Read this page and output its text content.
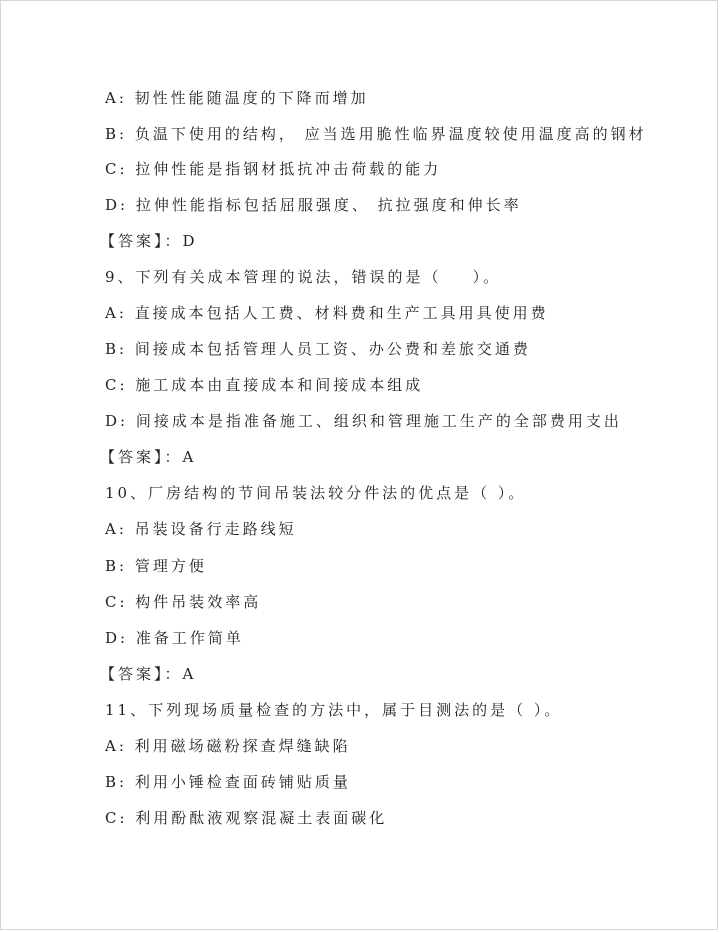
A: 韧性性能随温度的下降而增加
B: 负温下使用的结构， 应当选用脆性临界温度较使用温度高的钢材
C: 拉伸性能是指钢材抵抗冲击荷载的能力
D: 拉伸性能指标包括屈服强度、 抗拉强度和伸长率
【答案】：D
9、下列有关成本管理的说法，错误的是（    ）。
A: 直接成本包括人工费、材料费和生产工具用具使用费
B: 间接成本包括管理人员工资、办公费和差旅交通费
C: 施工成本由直接成本和间接成本组成
D: 间接成本是指准备施工、组织和管理施工生产的全部费用支出
【答案】：A
10、厂房结构的节间吊装法较分件法的优点是（ ）。
A: 吊装设备行走路线短
B: 管理方便
C: 构件吊装效率高
D: 准备工作简单
【答案】：A
11、下列现场质量检查的方法中，属于目测法的是（ ）。
A: 利用磁场磁粉探查焊缝缺陷
B: 利用小锤检查面砖铺贴质量
C: 利用酚酞液观察混凝土表面碳化
